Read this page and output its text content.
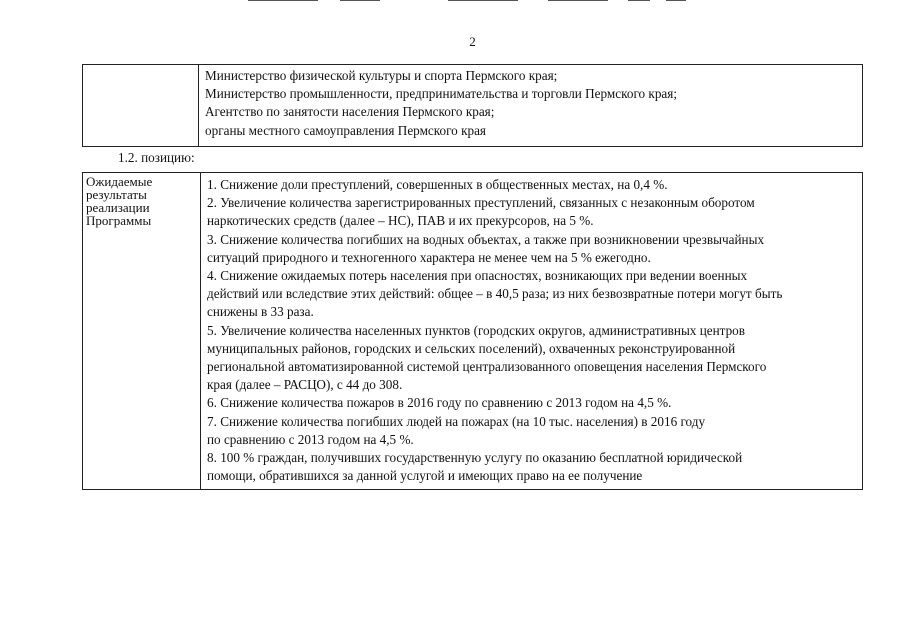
2

Министерство физической культуры и спорта Пермского края;
Министерство промышленности, предпринимательства и торговли Пермского края;
Агентство по занятости населения Пермского края;
органы местного самоуправления Пермского края
1.2. позицию:
Ожидаемые
результаты
реализации
Программы

1. Снижение доли преступлений, совершенных в общественных местах, на 0,4 %.
2. Увеличение количества зарегистрированных преступлений, связанных с незаконным оборотом
наркотических средств (далее – НС), ПАВ и их прекурсоров, на 5 %.
3. Снижение количества погибших на водных объектах, а также при возникновении чрезвычайных
ситуаций природного и техногенного характера не менее чем на 5 % ежегодно.
4. Снижение ожидаемых потерь населения при опасностях, возникающих при ведении военных
действий или вследствие этих действий: общее – в 40,5 раза; из них безвозвратные потери могут быть
снижены в 33 раза.
5. Увеличение количества населенных пунктов (городских округов, административных центров
муниципальных районов, городских и сельских поселений), охваченных реконструированной
региональной автоматизированной системой централизованного оповещения населения Пермского
края (далее – РАСЦО), с 44 до 308.
6. Снижение количества пожаров в 2016 году по сравнению с 2013 годом на 4,5 %.
7. Снижение количества погибших людей на пожарах (на 10 тыс. населения) в 2016 году
по сравнению с 2013 годом на 4,5 %.
8. 100 % граждан, получивших государственную услугу по оказанию бесплатной юридической
помощи, обратившихся за данной услугой и имеющих право на ее получение
